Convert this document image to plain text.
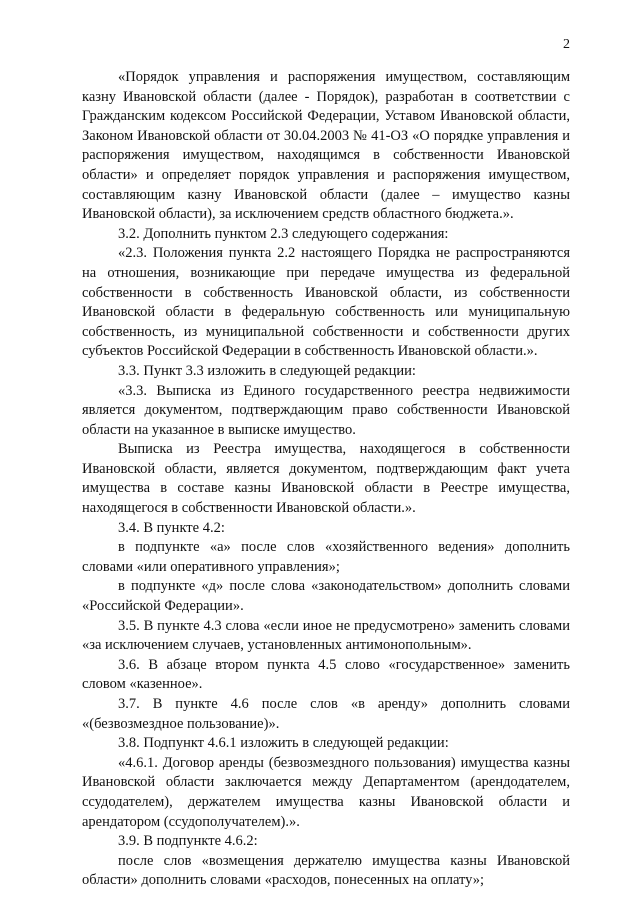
2

«Порядок управления и распоряжения имуществом, составляющим казну Ивановской области (далее - Порядок), разработан в соответствии с Гражданским кодексом Российской Федерации, Уставом Ивановской области, Законом Ивановской области от 30.04.2003 № 41-ОЗ «О порядке управления и распоряжения имуществом, находящимся в собственности Ивановской области» и определяет порядок управления и распоряжения имуществом, составляющим казну Ивановской области (далее – имущество казны Ивановской области), за исключением средств областного бюджета.».

3.2. Дополнить пунктом 2.3 следующего содержания:

«2.3. Положения пункта 2.2 настоящего Порядка не распространяются на отношения, возникающие при передаче имущества из федеральной собственности в собственность Ивановской области, из собственности Ивановской области в федеральную собственность или муниципальную собственность, из муниципальной собственности и собственности других субъектов Российской Федерации в собственность Ивановской области.».

3.3. Пункт 3.3 изложить в следующей редакции:

«3.3. Выписка из Единого государственного реестра недвижимости является документом, подтверждающим право собственности Ивановской области на указанное в выписке имущество.

Выписка из Реестра имущества, находящегося в собственности Ивановской области, является документом, подтверждающим факт учета имущества в составе казны Ивановской области в Реестре имущества, находящегося в собственности Ивановской области.».

3.4. В пункте 4.2:

в подпункте «а» после слов «хозяйственного ведения» дополнить словами «или оперативного управления»;

в подпункте «д» после слова «законодательством» дополнить словами «Российской Федерации».

3.5. В пункте 4.3 слова «если иное не предусмотрено» заменить словами «за исключением случаев, установленных антимонопольным».

3.6. В абзаце втором пункта 4.5 слово «государственное» заменить словом «казенное».

3.7. В пункте 4.6 после слов «в аренду» дополнить словами «(безвозмездное пользование)».

3.8. Подпункт 4.6.1 изложить в следующей редакции:

«4.6.1. Договор аренды (безвозмездного пользования) имущества казны Ивановской области заключается между Департаментом (арендодателем, ссудодателем), держателем имущества казны Ивановской области и арендатором (ссудополучателем).».

3.9. В подпункте 4.6.2:

после слов «возмещения держателю имущества казны Ивановской области» дополнить словами «расходов, понесенных на оплату»;
